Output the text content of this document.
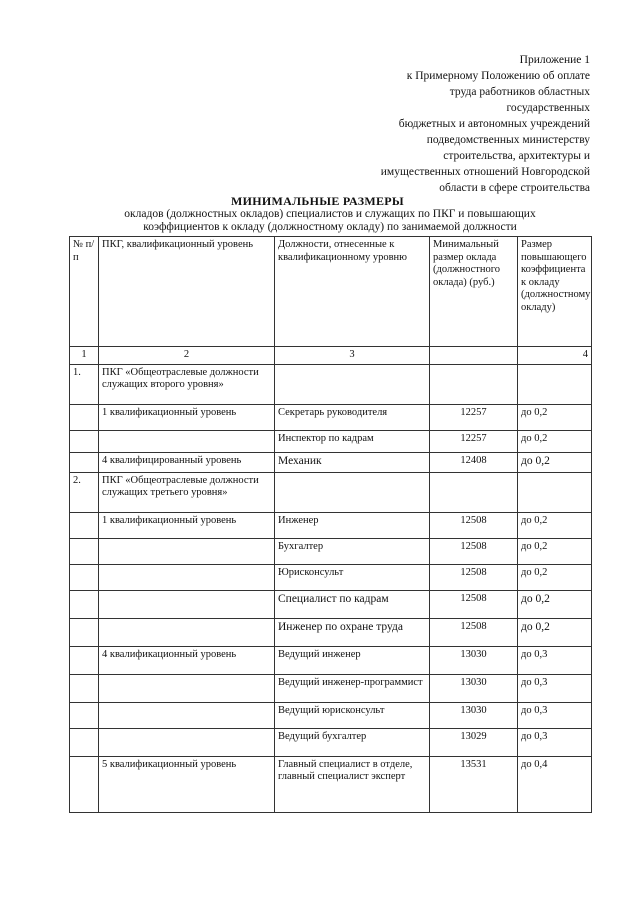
Приложение 1
к Примерному Положению об оплате
труда работников областных
государственных
бюджетных и автономных учреждений
подведомственных министерству
строительства, архитектуры и
имущественных отношений Новгородской
области в сфере строительства
МИНИМАЛЬНЫЕ РАЗМЕРЫ
окладов (должностных окладов) специалистов и служащих по ПКГ и повышающих
коэффициентов к окладу (должностному окладу) по занимаемой должности
№ п/п	ПКГ, квалификационный уровень	Должности, отнесенные к квалификационному уровню	Минимальный размер оклада (должностного оклада) (руб.)	Размер повышающего коэффициента к окладу (должностному окладу)
1	2	3		4
1.	ПКГ «Общеотраслевые должности служащих второго уровня»			
	1 квалификационный уровень	Секретарь руководителя	12257	до 0,2
		Инспектор по кадрам	12257	до 0,2
	4 квалифицированный уровень	Механик	12408	до 0,2
2.	ПКГ «Общеотраслевые должности служащих третьего уровня»			
	1 квалификационный уровень	Инженер	12508	до 0,2
		Бухгалтер	12508	до 0,2
		Юрисконсульт	12508	до 0,2
		Специалист по кадрам	12508	до 0,2
		Инженер по охране труда	12508	до 0,2
	4 квалификационный уровень	Ведущий инженер	13030	до 0,3
		Ведущий инженер-программист	13030	до 0,3
		Ведущий юрисконсульт	13030	до 0,3
		Ведущий бухгалтер	13029	до 0,3
	5 квалификационный уровень	Главный специалист в отделе, главный специалист эксперт	13531	до 0,4
